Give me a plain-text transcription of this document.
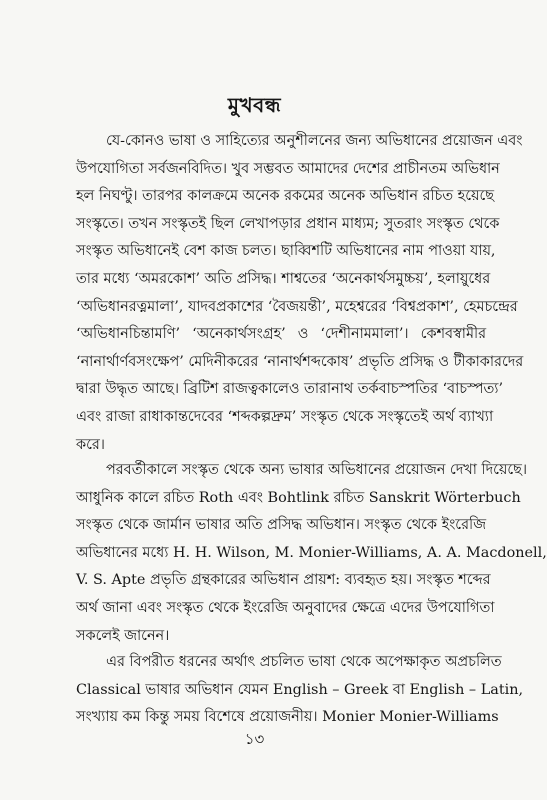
মুখবন্ধ
যে-কোনও ভাষা ও সাহিত্যের অনুশীলনের জন্য অভিধানের প্রয়োজন এবং
উপযোগিতা সর্বজনবিদিত। খুব সম্ভবত আমাদের দেশের প্রাচীনতম অভিধান
হল নিঘণ্টু। তারপর কালক্রমে অনেক রকমের অনেক অভিধান রচিত হয়েছে
সংস্কৃতে। তখন সংস্কৃতই ছিল লেখাপড়ার প্রধান মাধ্যম; সুতরাং সংস্কৃত থেকে
সংস্কৃত অভিধানেই বেশ কাজ চলত। ছাব্বিশটি অভিধানের নাম পাওয়া যায়,
তার মধ্যে ‘অমরকোশ’ অতি প্রসিদ্ধ। শাশ্বতের ‘অনেকার্থসমুচ্চয়’, হলায়ুধের
‘অভিধানরত্নমালা’, যাদবপ্রকাশের ‘বৈজয়ন্তী’, মহেশ্বরের ‘বিশ্বপ্রকাশ’, হেমচন্দ্রের
‘অভিধানচিন্তামণি’ ‘অনেকার্থসংগ্রহ’ ও ‘দেশীনামমালা’। কেশবস্বামীর
‘নানার্থার্ণবসংক্ষেপ’ মেদিনীকরের ‘নানার্থশব্দকোষ’ প্রভৃতি প্রসিদ্ধ ও টীকাকারদের
দ্বারা উদ্ধৃত আছে। ব্রিটিশ রাজত্বকালেও তারানাথ তর্কবাচস্পতির ‘বাচস্পত্য’
এবং রাজা রাধাকান্তদেবের ‘শব্দকল্পদ্রুম’ সংস্কৃত থেকে সংস্কৃতেই অর্থ ব্যাখ্যা
করে।
পরবর্তীকালে সংস্কৃত থেকে অন্য ভাষার অভিধানের প্রয়োজন দেখা দিয়েছে।
আধুনিক কালে রচিত Roth এবং Bohtlink রচিত Sanskrit Wörterbuch
সংস্কৃত থেকে জার্মান ভাষার অতি প্রসিদ্ধ অভিধান। সংস্কৃত থেকে ইংরেজি
অভিধানের মধ্যে H. H. Wilson, M. Monier-Williams, A. A. Macdonell,
V. S. Apte প্রভৃতি গ্রন্থকারের অভিধান প্রায়শ: ব্যবহৃত হয়। সংস্কৃত শব্দের
অর্থ জানা এবং সংস্কৃত থেকে ইংরেজি অনুবাদের ক্ষেত্রে এদের উপযোগিতা
সকলেই জানেন।
এর বিপরীত ধরনের অর্থাৎ প্রচলিত ভাষা থেকে অপেক্ষাকৃত অপ্রচলিত
Classical ভাষার অভিধান যেমন English – Greek বা English – Latin,
সংখ্যায় কম কিন্তু সময় বিশেষে প্রয়োজনীয়। Monier Monier-Williams
১৩
